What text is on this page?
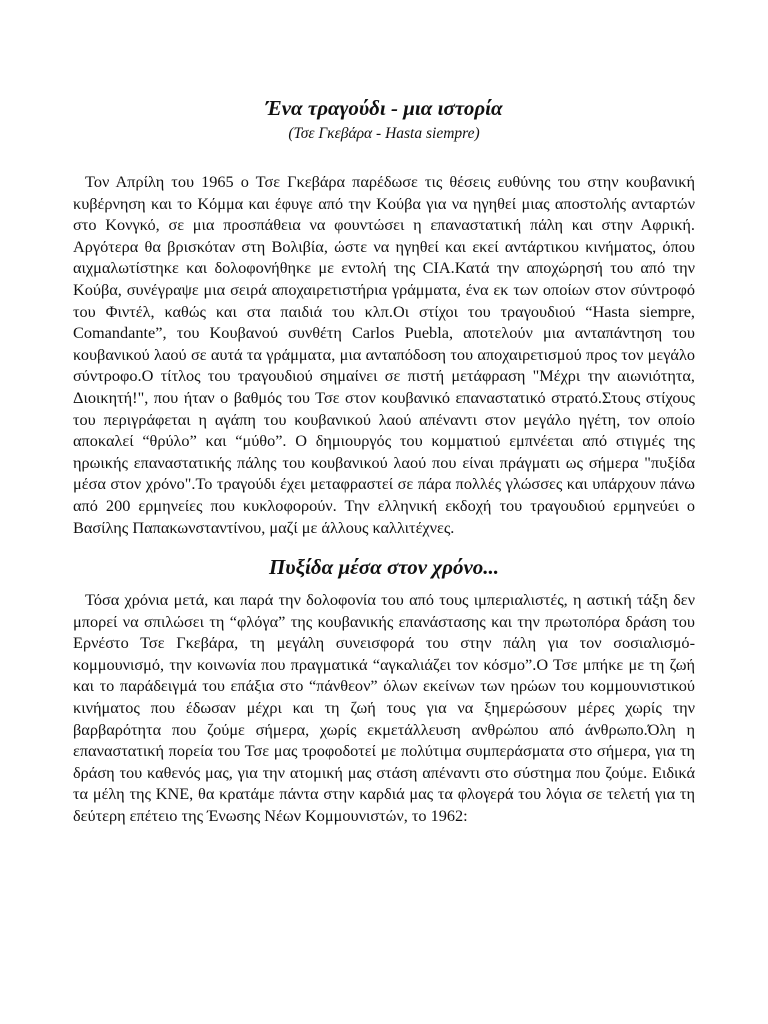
Ένα τραγούδι - μια ιστορία

(Τσε Γκεβάρα - Hasta siempre)

Τον Απρίλη του 1965 ο Τσε Γκεβάρα παρέδωσε τις θέσεις ευθύνης του στην κουβανική κυβέρνηση και το Κόμμα και έφυγε από την Κούβα για να ηγηθεί μιας αποστολής ανταρτών στο Κονγκό, σε μια προσπάθεια να φουντώσει η επαναστατική πάλη και στην Αφρική. Αργότερα θα βρισκόταν στη Βολιβία, ώστε να ηγηθεί και εκεί αντάρτικου κινήματος, όπου αιχμαλωτίστηκε και δολοφονήθηκε με εντολή της CIA.Κατά την αποχώρησή του από την Κούβα, συνέγραψε μια σειρά αποχαιρετιστήρια γράμματα, ένα εκ των οποίων στον σύντροφό του Φιντέλ, καθώς και στα παιδιά του κλπ.Οι στίχοι του τραγουδιού “Hasta siempre, Comandante”, του Κουβανού συνθέτη Carlos Puebla, αποτελούν μια ανταπάντηση του κουβανικού λαού σε αυτά τα γράμματα, μια ανταπόδοση του αποχαιρετισμού προς τον μεγάλο σύντροφο.Ο τίτλος του τραγουδιού σημαίνει σε πιστή μετάφραση "Μέχρι την αιωνιότητα, Διοικητή!", που ήταν ο βαθμός του Τσε στον κουβανικό επαναστατικό στρατό.Στους στίχους του περιγράφεται η αγάπη του κουβανικού λαού απέναντι στον μεγάλο ηγέτη, τον οποίο αποκαλεί “θρύλο” και “μύθο”. Ο δημιουργός του κομματιού εμπνέεται από στιγμές της ηρωικής επαναστατικής πάλης του κουβανικού λαού που είναι πράγματι ως σήμερα "πυξίδα μέσα στον χρόνο".Το τραγούδι έχει μεταφραστεί σε πάρα πολλές γλώσσες και υπάρχουν πάνω από 200 ερμηνείες που κυκλοφορούν. Την ελληνική εκδοχή του τραγουδιού ερμηνεύει ο Βασίλης Παπακωνσταντίνου, μαζί με άλλους καλλιτέχνες.

Πυξίδα μέσα στον χρόνο...

Τόσα χρόνια μετά, και παρά την δολοφονία του από τους ιμπεριαλιστές, η αστική τάξη δεν μπορεί να σπιλώσει τη “φλόγα” της κουβανικής επανάστασης και την πρωτοπόρα δράση του Ερνέστο Τσε Γκεβάρα, τη μεγάλη συνεισφορά του στην πάλη για τον σοσιαλισμό-κομμουνισμό, την κοινωνία που πραγματικά “αγκαλιάζει τον κόσμο”.Ο Τσε μπήκε με τη ζωή και το παράδειγμά του επάξια στο “πάνθεον” όλων εκείνων των ηρώων του κομμουνιστικού κινήματος που έδωσαν μέχρι και τη ζωή τους για να ξημερώσουν μέρες χωρίς την βαρβαρότητα που ζούμε σήμερα, χωρίς εκμετάλλευση ανθρώπου από άνθρωπο.Όλη η επαναστατική πορεία του Τσε μας τροφοδοτεί με πολύτιμα συμπεράσματα στο σήμερα, για τη δράση του καθενός μας, για την ατομική μας στάση απέναντι στο σύστημα που ζούμε. Ειδικά τα μέλη της ΚΝΕ, θα κρατάμε πάντα στην καρδιά μας τα φλογερά του λόγια σε τελετή για τη δεύτερη επέτειο της Ένωσης Νέων Κομμουνιστών, το 1962:
